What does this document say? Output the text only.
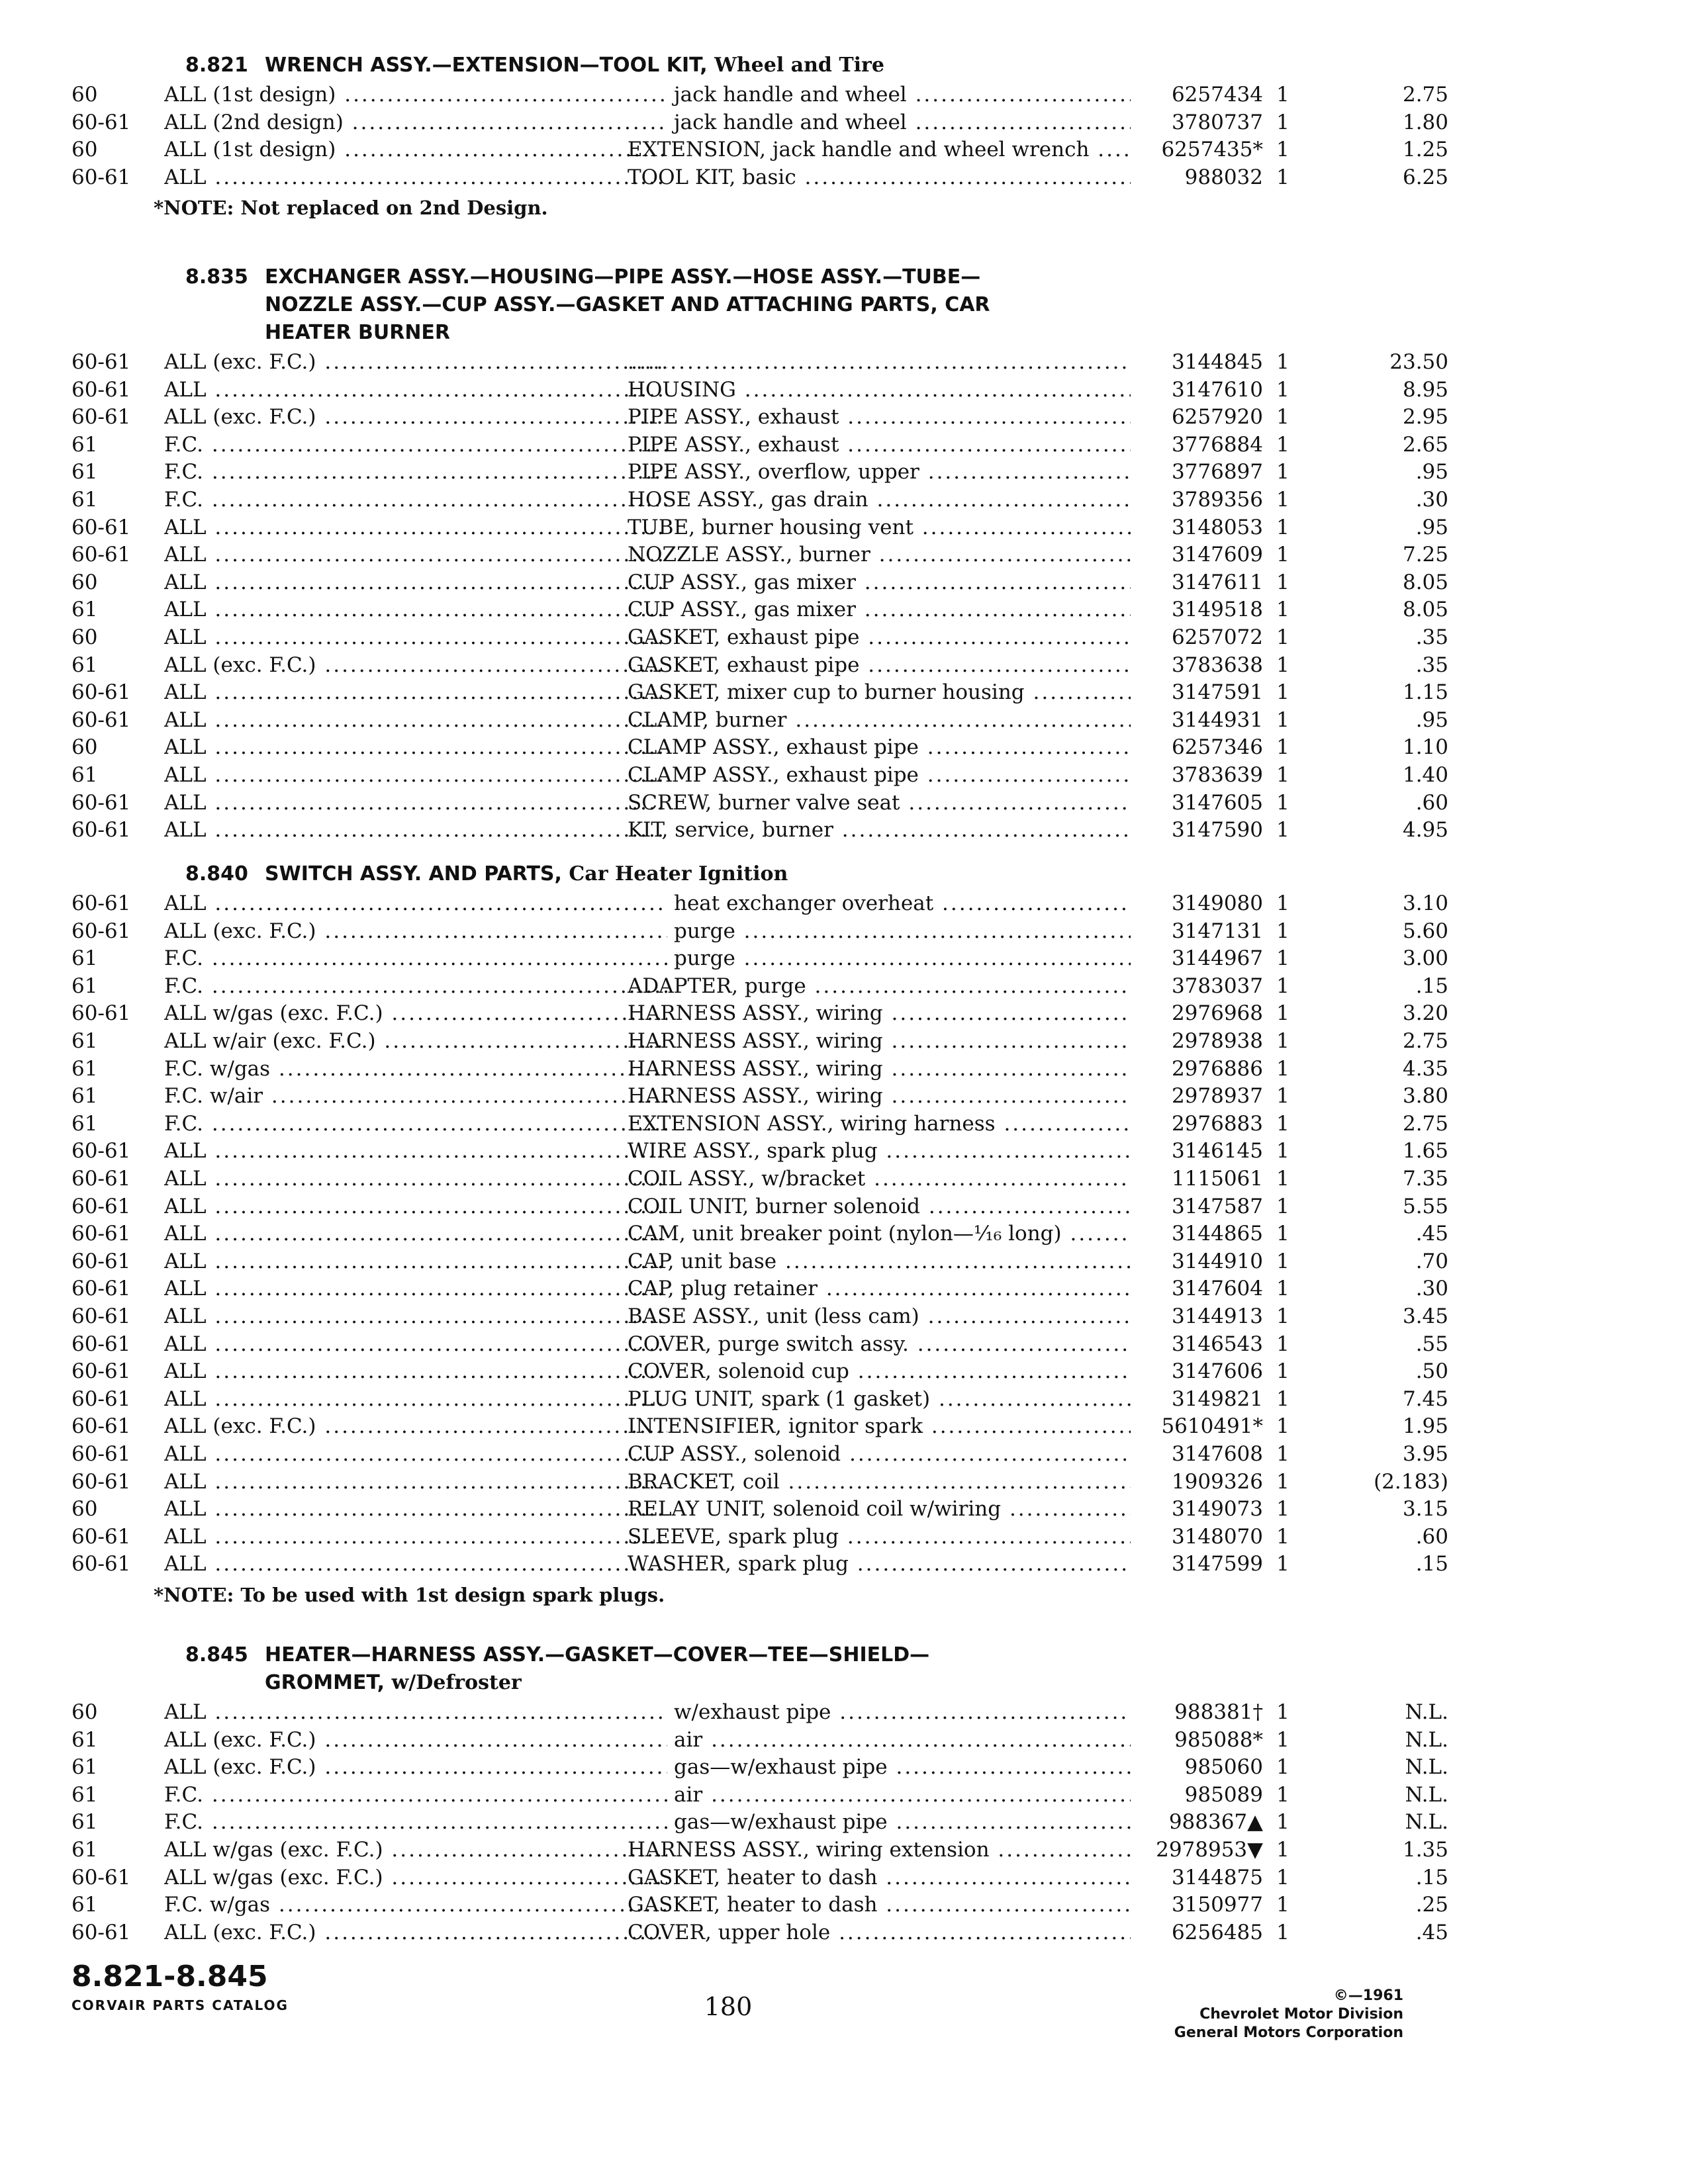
8.821 WRENCH ASSY.—EXTENSION—TOOL KIT, Wheel and Tire
60	ALL (1st design) .....	jack handle and wheel .....	6257434 1	2.75
60-61	ALL (2nd design) .....	jack handle and wheel .....	3780737 1	1.80
60	ALL (1st design) .....	EXTENSION, jack handle and wheel wrench .....	6257435* 1	1.25
60-61	ALL .....	TOOL KIT, basic .....	988032 1	6.25
*NOTE: Not replaced on 2nd Design.
8.835 EXCHANGER ASSY.—HOUSING—PIPE ASSY.—HOSE ASSY.—TUBE—
NOZZLE ASSY.—CUP ASSY.—GASKET AND ATTACHING PARTS, CAR
HEATER BURNER
60-61	ALL (exc. F.C.) .....
.....	3144845 1	23.50
60-61	ALL .....	HOUSING .....	3147610 1	8.95
60-61	ALL (exc. F.C.) .....	PIPE ASSY., exhaust .....	6257920 1	2.95
61	F.C. .....	PIPE ASSY., exhaust .....	3776884 1	2.65
61	F.C. .....	PIPE ASSY., overflow, upper .....	3776897 1	.95
61	F.C. .....	HOSE ASSY., gas drain .....	3789356 1	.30
60-61	ALL .....	TUBE, burner housing vent .....	3148053 1	.95
60-61	ALL .....	NOZZLE ASSY., burner .....	3147609 1	7.25
60	ALL .....	CUP ASSY., gas mixer .....	3147611 1	8.05
61	ALL .....	CUP ASSY., gas mixer .....	3149518 1	8.05
60	ALL .....	GASKET, exhaust pipe .....	6257072 1	.35
61	ALL (exc. F.C.) .....	GASKET, exhaust pipe .....	3783638 1	.35
60-61	ALL .....	GASKET, mixer cup to burner housing .....	3147591 1	1.15
60-61	ALL .....	CLAMP, burner .....	3144931 1	.95
60	ALL .....	CLAMP ASSY., exhaust pipe .....	6257346 1	1.10
61	ALL .....	CLAMP ASSY., exhaust pipe .....	3783639 1	1.40
60-61	ALL .....	SCREW, burner valve seat .....	3147605 1	.60
60-61	ALL .....	KIT, service, burner .....	3147590 1	4.95
8.840 SWITCH ASSY. AND PARTS, Car Heater Ignition
60-61	ALL .....	heat exchanger overheat .....	3149080 1	3.10
60-61	ALL (exc. F.C.) .....	purge .....	3147131 1	5.60
61	F.C. .....	purge .....	3144967 1	3.00
61	F.C. .....	ADAPTER, purge .....	3783037 1	.15
60-61	ALL w/gas (exc. F.C.) .....	HARNESS ASSY., wiring .....	2976968 1	3.20
61	ALL w/air (exc. F.C.) .....	HARNESS ASSY., wiring .....	2978938 1	2.75
61	F.C. w/gas .....	HARNESS ASSY., wiring .....	2976886 1	4.35
61	F.C. w/air .....	HARNESS ASSY., wiring .....	2978937 1	3.80
61	F.C. .....	EXTENSION ASSY., wiring harness .....	2976883 1	2.75
60-61	ALL .....	WIRE ASSY., spark plug .....	3146145 1	1.65
60-61	ALL .....	COIL ASSY., w/bracket .....	1115061 1	7.35
60-61	ALL .....	COIL UNIT, burner solenoid .....	3147587 1	5.55
60-61	ALL .....	CAM, unit breaker point (nylon—⅟₁₆ long) .....	3144865 1	.45
60-61	ALL .....	CAP, unit base .....	3144910 1	.70
60-61	ALL .....	CAP, plug retainer .....	3147604 1	.30
60-61	ALL .....	BASE ASSY., unit (less cam) .....	3144913 1	3.45
60-61	ALL .....	COVER, purge switch assy. .....	3146543 1	.55
60-61	ALL .....	COVER, solenoid cup .....	3147606 1	.50
60-61	ALL .....	PLUG UNIT, spark (1 gasket) .....	3149821 1	7.45
60-61	ALL (exc. F.C.) .....	INTENSIFIER, ignitor spark .....	5610491* 1	1.95
60-61	ALL .....	CUP ASSY., solenoid .....	3147608 1	3.95
60-61	ALL .....	BRACKET, coil .....	1909326 1	(2.183)
60	ALL .....	RELAY UNIT, solenoid coil w/wiring .....	3149073 1	3.15
60-61	ALL .....	SLEEVE, spark plug .....	3148070 1	.60
60-61	ALL .....	WASHER, spark plug .....	3147599 1	.15
*NOTE: To be used with 1st design spark plugs.
8.845 HEATER—HARNESS ASSY.—GASKET—COVER—TEE—SHIELD—
GROMMET, w/Defroster
60	ALL .....	w/exhaust pipe .....	988381† 1	N.L.
61	ALL (exc. F.C.) .....	air .....	985088* 1	N.L.
61	ALL (exc. F.C.) .....	gas—w/exhaust pipe .....	985060 1	N.L.
61	F.C. .....	air .....	985089 1	N.L.
61	F.C. .....	gas—w/exhaust pipe .....	988367▲ 1	N.L.
61	ALL w/gas (exc. F.C.) .....	HARNESS ASSY., wiring extension .....	2978953▼ 1	1.35
60-61	ALL w/gas (exc. F.C.) .....	GASKET, heater to dash .....	3144875 1	.15
61	F.C. w/gas .....	GASKET, heater to dash .....	3150977 1	.25
60-61	ALL (exc. F.C.) .....	COVER, upper hole .....	6256485 1	.45
8.821-8.845
CORVAIR PARTS CATALOG	180	©—1961
Chevrolet Motor Division
General Motors Corporation
